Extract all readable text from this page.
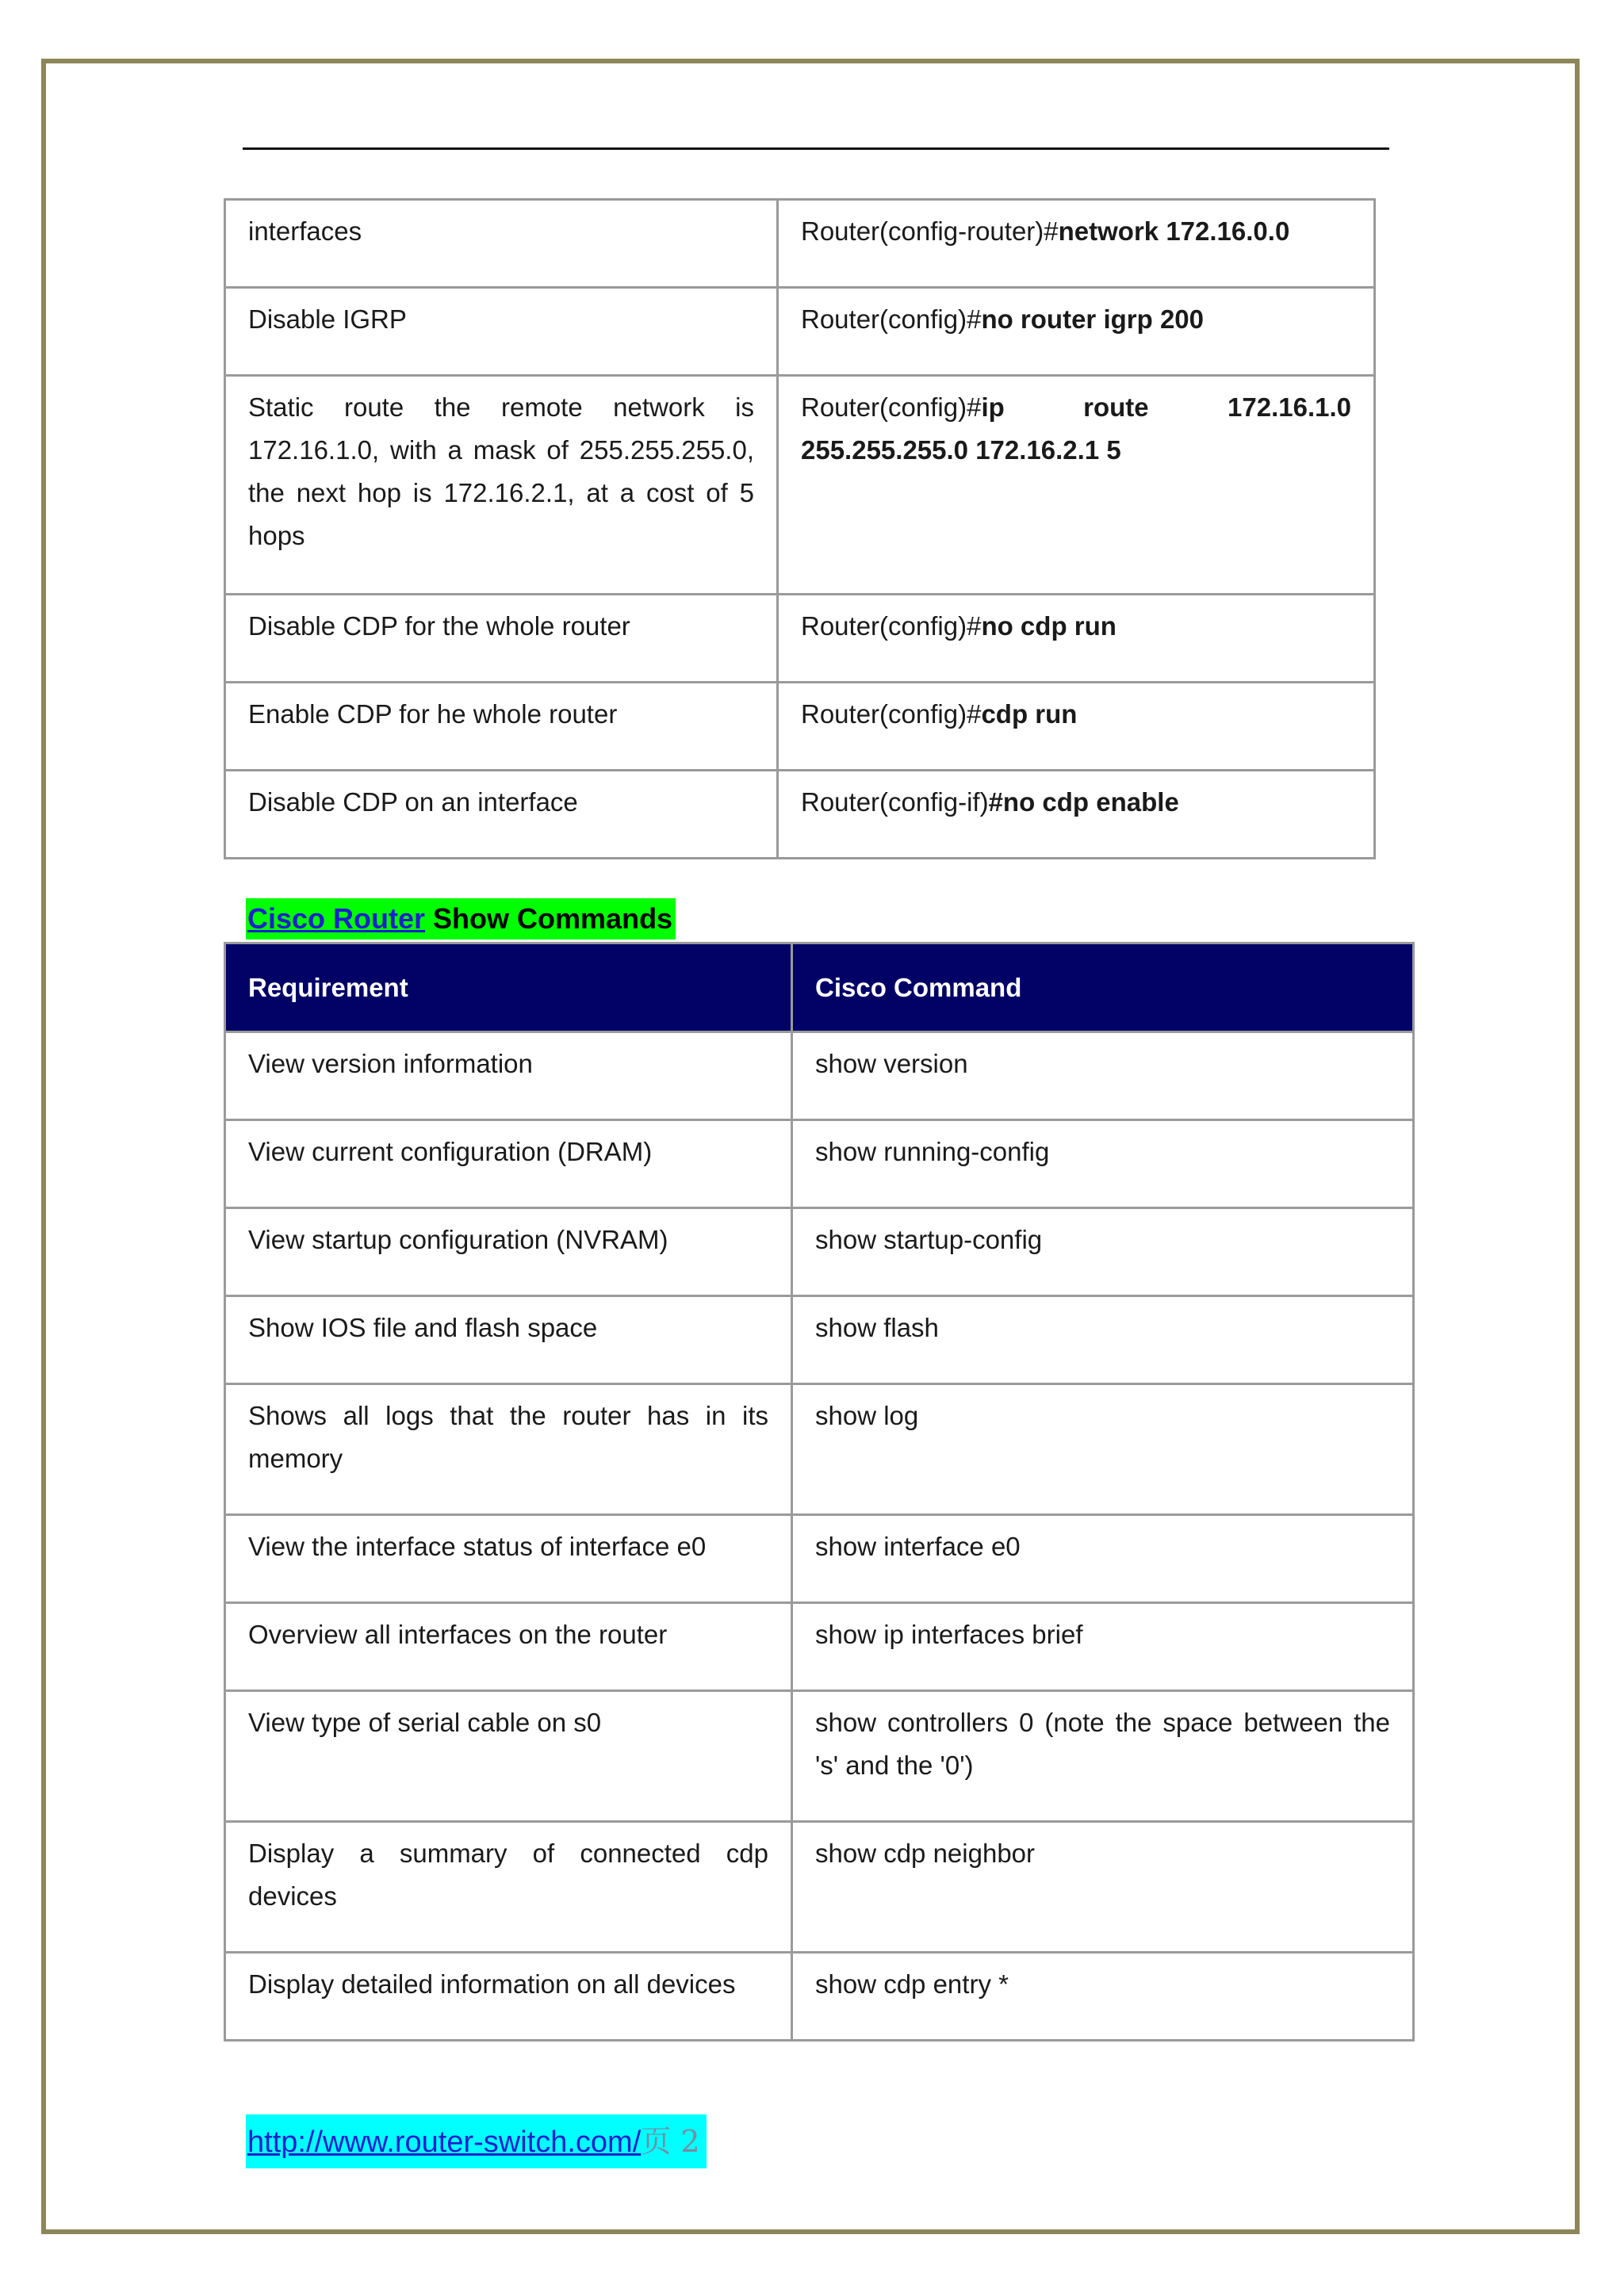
interfaces	Router(config-router)#network 172.16.0.0

Disable IGRP	Router(config)#no router igrp 200

Static route the remote network is 172.16.1.0, with a mask of 255.255.255.0, the next hop is 172.16.2.1, at a cost of 5 hops	Router(config)#ip route 172.16.1.0 255.255.255.0 172.16.2.1 5

Disable CDP for the whole router	Router(config)#no cdp run

Enable CDP for he whole router	Router(config)#cdp run

Disable CDP on an interface	Router(config-if)#no cdp enable
Cisco Router Show Commands
Requirement	Cisco Command

View version information	show version

View current configuration (DRAM)	show running-config

View startup configuration (NVRAM)	show startup-config

Show IOS file and flash space	show flash

Shows all logs that the router has in its memory	show log

View the interface status of interface e0	show interface e0

Overview all interfaces on the router	show ip interfaces brief

View type of serial cable on s0	show controllers 0 (note the space between the 's' and the '0')

Display a summary of connected cdp devices	show cdp neighbor

Display detailed information on all devices	show cdp entry *
http://www.router-switch.com/页 2
